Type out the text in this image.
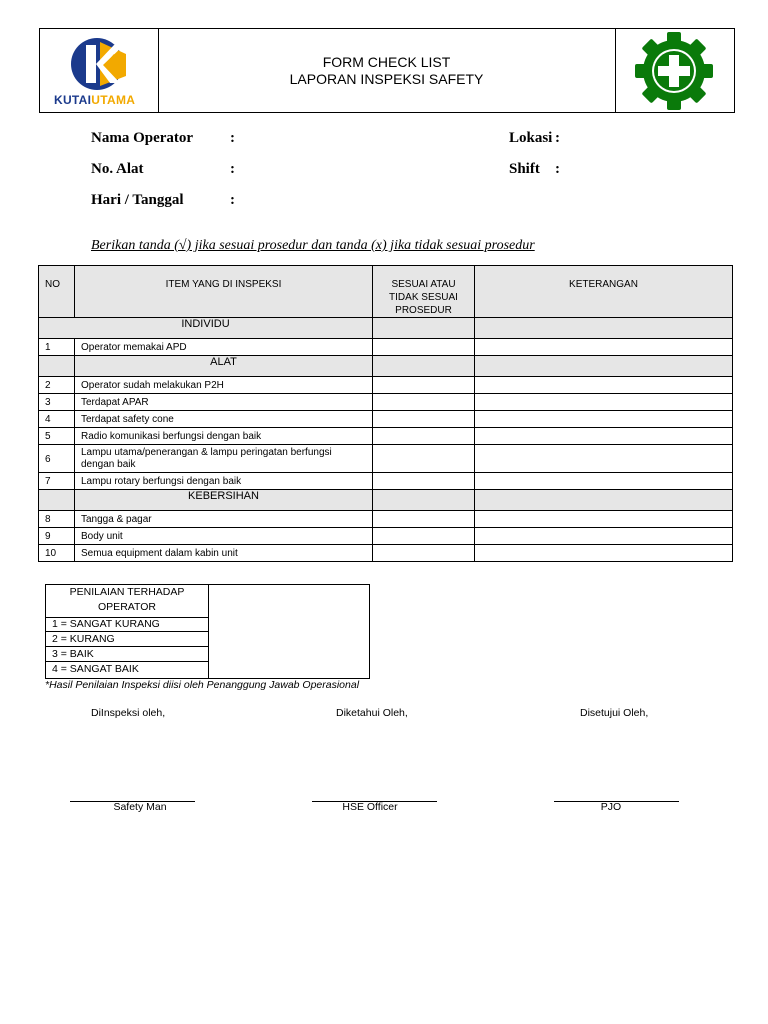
KUTAIUTAMA
FORM CHECK LIST
LAPORAN INSPEKSI SAFETY
Nama Operator :
No. Alat	:
Hari / Tanggal	:
Lokasi :
Shift :
Berikan tanda (√) jika sesuai prosedur dan tanda (x) jika tidak sesuai prosedur
NO	ITEM YANG DI INSPEKSI	SESUAI ATAU
TIDAK SESUAI
PROSEDUR	KETERANGAN
INDIVIDU			
1	Operator memakai APD		
	ALAT		
2	Operator sudah melakukan P2H		
3	Terdapat APAR		
4	Terdapat safety cone		
5	Radio komunikasi berfungsi dengan baik		
6	Lampu utama/penerangan & lampu peringatan berfungsi dengan baik		
7	Lampu rotary berfungsi dengan baik		
	KEBERSIHAN		
8	Tangga & pagar		
9	Body unit		
10	Semua equipment dalam kabin unit		
PENILAIAN TERHADAP
OPERATOR
1 = SANGAT KURANG
2 = KURANG
3 = BAIK
4 = SANGAT BAIK
*Hasil Penilaian Inspeksi diisi oleh Penanggung Jawab Operasional
DiInspeksi oleh,	Diketahui Oleh,	Disetujui Oleh,
Safety Man	HSE Officer	PJO
